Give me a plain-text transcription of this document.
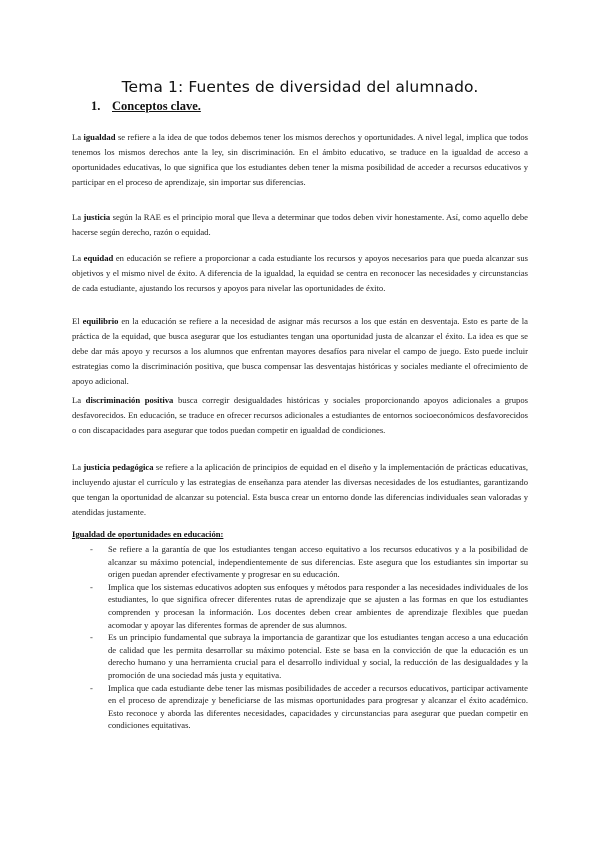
Tema 1: Fuentes de diversidad del alumnado.
1. Conceptos clave.

La igualdad se refiere a la idea de que todos debemos tener los mismos derechos y oportunidades. A nivel legal, implica que todos tenemos los mismos derechos ante la ley, sin discriminación. En el ámbito educativo, se traduce en la igualdad de acceso a oportunidades educativas, lo que significa que los estudiantes deben tener la misma posibilidad de acceder a recursos educativos y participar en el proceso de aprendizaje, sin importar sus diferencias.

La justicia según la RAE es el principio moral que lleva a determinar que todos deben vivir honestamente. Así, como aquello debe hacerse según derecho, razón o equidad.

La equidad en educación se refiere a proporcionar a cada estudiante los recursos y apoyos necesarios para que pueda alcanzar sus objetivos y el mismo nivel de éxito. A diferencia de la igualdad, la equidad se centra en reconocer las necesidades y circunstancias de cada estudiante, ajustando los recursos y apoyos para nivelar las oportunidades de éxito.

El equilibrio en la educación se refiere a la necesidad de asignar más recursos a los que están en desventaja. Esto es parte de la práctica de la equidad, que busca asegurar que los estudiantes tengan una oportunidad justa de alcanzar el éxito. La idea es que se debe dar más apoyo y recursos a los alumnos que enfrentan mayores desafíos para nivelar el campo de juego. Esto puede incluir estrategias como la discriminación positiva, que busca compensar las desventajas históricas y sociales mediante el ofrecimiento de apoyo adicional.

La discriminación positiva busca corregir desigualdades históricas y sociales proporcionando apoyos adicionales a grupos desfavorecidos. En educación, se traduce en ofrecer recursos adicionales a estudiantes de entornos socioeconómicos desfavorecidos o con discapacidades para asegurar que todos puedan competir en igualdad de condiciones.

La justicia pedagógica se refiere a la aplicación de principios de equidad en el diseño y la implementación de prácticas educativas, incluyendo ajustar el currículo y las estrategias de enseñanza para atender las diversas necesidades de los estudiantes, garantizando que tengan la oportunidad de alcanzar su potencial. Esta busca crear un entorno donde las diferencias individuales sean valoradas y atendidas justamente.

Igualdad de oportunidades en educación:
- Se refiere a la garantía de que los estudiantes tengan acceso equitativo a los recursos educativos y a la posibilidad de alcanzar su máximo potencial, independientemente de sus diferencias. Este asegura que los estudiantes sin importar su origen puedan aprender efectivamente y progresar en su educación.
- Implica que los sistemas educativos adopten sus enfoques y métodos para responder a las necesidades individuales de los estudiantes, lo que significa ofrecer diferentes rutas de aprendizaje que se ajusten a las formas en que los estudiantes comprenden y procesan la información. Los docentes deben crear ambientes de aprendizaje flexibles que puedan acomodar y apoyar las diferentes formas de aprender de sus alumnos.
- Es un principio fundamental que subraya la importancia de garantizar que los estudiantes tengan acceso a una educación de calidad que les permita desarrollar su máximo potencial. Este se basa en la convicción de que la educación es un derecho humano y una herramienta crucial para el desarrollo individual y social, la reducción de las desigualdades y la promoción de una sociedad más justa y equitativa.
- Implica que cada estudiante debe tener las mismas posibilidades de acceder a recursos educativos, participar activamente en el proceso de aprendizaje y beneficiarse de las mismas oportunidades para progresar y alcanzar el éxito académico. Esto reconoce y aborda las diferentes necesidades, capacidades y circunstancias para asegurar que puedan competir en condiciones equitativas.
